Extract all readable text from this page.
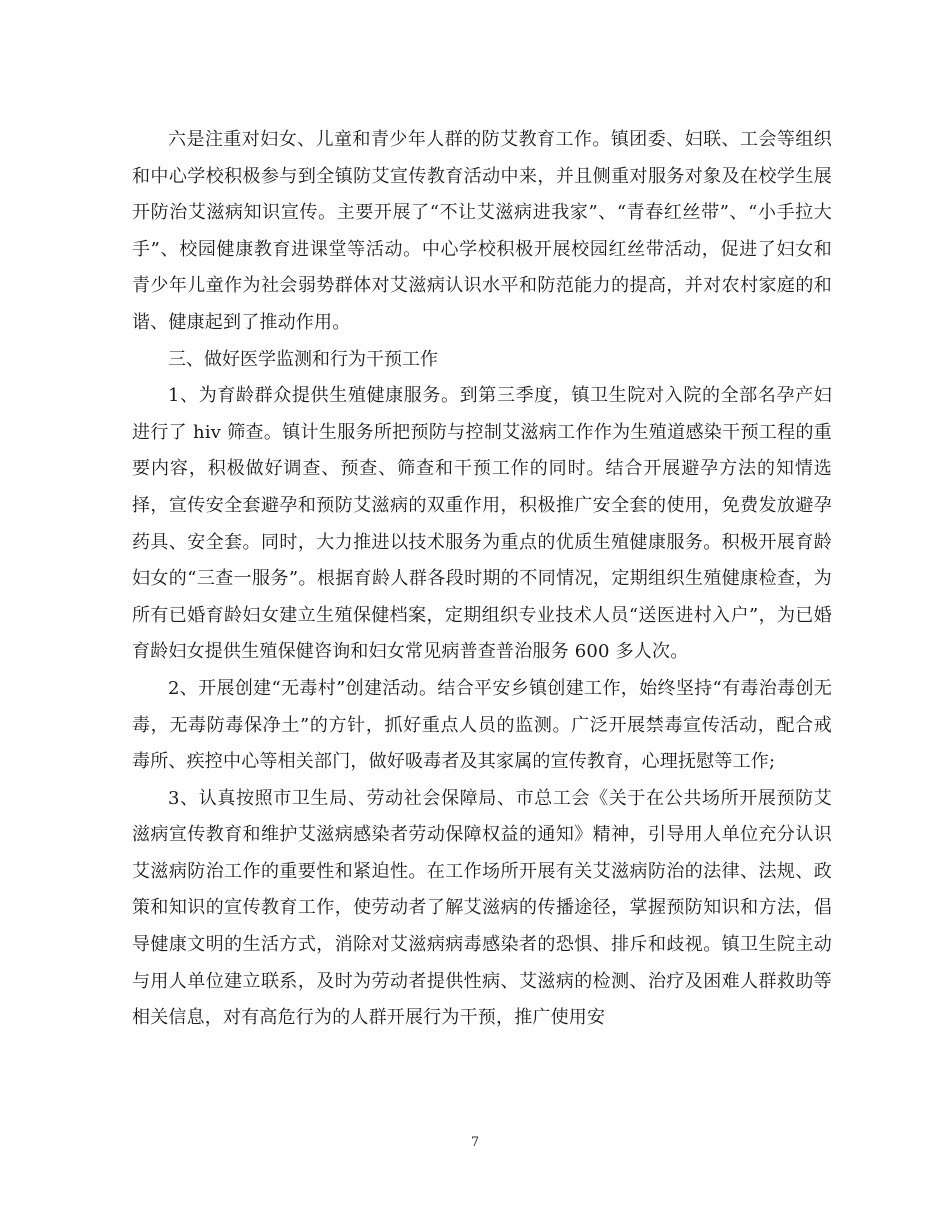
六是注重对妇女、儿童和青少年人群的防艾教育工作。镇团委、妇联、工会等组织和中心学校积极参与到全镇防艾宣传教育活动中来，并且侧重对服务对象及在校学生展开防治艾滋病知识宣传。主要开展了“不让艾滋病进我家”、“青春红丝带”、“小手拉大手”、校园健康教育进课堂等活动。中心学校积极开展校园红丝带活动，促进了妇女和青少年儿童作为社会弱势群体对艾滋病认识水平和防范能力的提高，并对农村家庭的和谐、健康起到了推动作用。

三、做好医学监测和行为干预工作

1、为育龄群众提供生殖健康服务。到第三季度，镇卫生院对入院的全部名孕产妇进行了 hiv 筛查。镇计生服务所把预防与控制艾滋病工作作为生殖道感染干预工程的重要内容，积极做好调查、预查、筛查和干预工作的同时。结合开展避孕方法的知情选择，宣传安全套避孕和预防艾滋病的双重作用，积极推广安全套的使用，免费发放避孕药具、安全套。同时，大力推进以技术服务为重点的优质生殖健康服务。积极开展育龄妇女的“三查一服务”。根据育龄人群各段时期的不同情况，定期组织生殖健康检查，为所有已婚育龄妇女建立生殖保健档案，定期组织专业技术人员“送医进村入户”，为已婚育龄妇女提供生殖保健咨询和妇女常见病普查普治服务 600 多人次。

2、开展创建“无毒村”创建活动。结合平安乡镇创建工作，始终坚持“有毒治毒创无毒，无毒防毒保净土”的方针，抓好重点人员的监测。广泛开展禁毒宣传活动，配合戒毒所、疾控中心等相关部门，做好吸毒者及其家属的宣传教育，心理抚慰等工作;

3、认真按照市卫生局、劳动社会保障局、市总工会《关于在公共场所开展预防艾滋病宣传教育和维护艾滋病感染者劳动保障权益的通知》精神，引导用人单位充分认识艾滋病防治工作的重要性和紧迫性。在工作场所开展有关艾滋病防治的法律、法规、政策和知识的宣传教育工作，使劳动者了解艾滋病的传播途径，掌握预防知识和方法，倡导健康文明的生活方式，消除对艾滋病病毒感染者的恐惧、排斥和歧视。镇卫生院主动与用人单位建立联系，及时为劳动者提供性病、艾滋病的检测、治疗及困难人群救助等相关信息，对有高危行为的人群开展行为干预，推广使用安

7
